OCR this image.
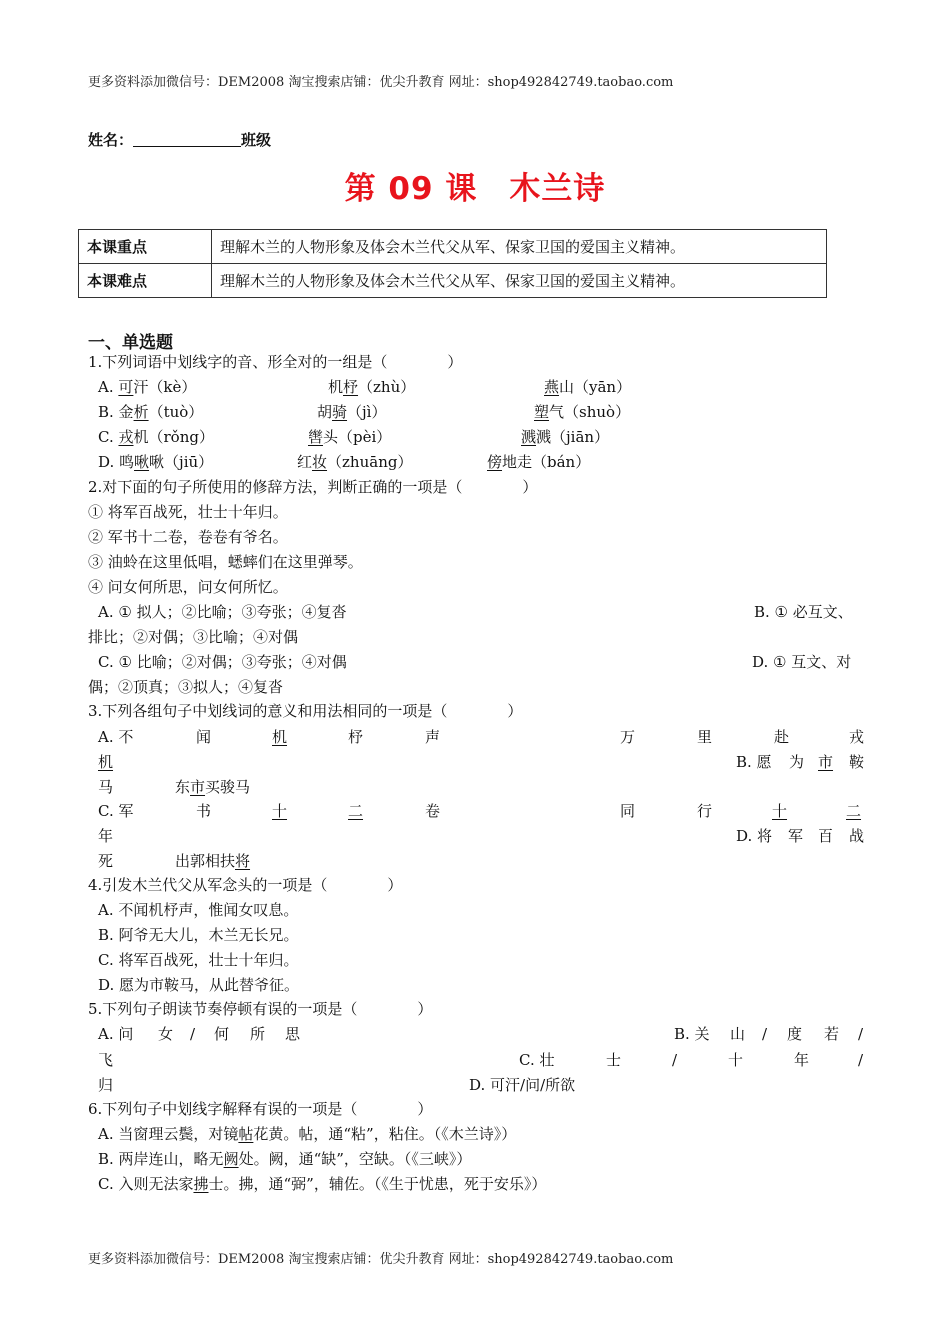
更多资料添加微信号：DEM2008 淘宝搜索店铺：优尖升教育 网址：shop492842749.taobao.com
姓名：	班级
第 09 课　木兰诗
本课重点	理解木兰的人物形象及体会木兰代父从军、保家卫国的爱国主义精神。
本课难点	理解木兰的人物形象及体会木兰代父从军、保家卫国的爱国主义精神。
一、单选题
1.下列词语中划线字的音、形全对的一组是（　　　　）
A. 可汗（kè）	机杼（zhù）	燕山（yān）
B. 金析（tuò）	胡骑（jì）	塑气（shuò）
C. 戎机（rǒng）	辔头（pèi）	溅溅（jiān）
D. 鸣啾啾（jiū）	红妆（zhuāng）	傍地走（bán）
2.对下面的句子所使用的修辞方法，判断正确的一项是（　　　　）
① 将军百战死，壮士十年归。
② 军书十二卷，卷卷有爷名。
③ 油蛉在这里低唱，蟋蟀们在这里弹琴。
④ 问女何所思，问女何所忆。
A. ① 拟人；②比喻；③夸张；④复沓	B. ① 必互文、
排比；②对偶；③比喻；④对偶
C. ① 比喻；②对偶；③夸张；④对偶	D. ① 互文、对
偶；②顶真；③拟人；④复沓
3.下列各组句子中划线词的意义和用法相同的一项是（　　　　）
A. 不	闻	机	杼	声	万	里	赴	戎
机	B. 愿 为 市	鞍
马	东市买骏马
C. 军	书	十	二	卷	同	行	十	二
年	D. 将 军 百 战
死	出郭相扶将
4.引发木兰代父从军念头的一项是（　　　　）
A. 不闻机杼声，惟闻女叹息。
B. 阿爷无大儿，木兰无长兄。
C. 将军百战死，壮士十年归。
D. 愿为市鞍马，从此替爷征。
5.下列句子朗读节奏停顿有误的一项是（　　　　）
A. 问 女 / 何 所 思	B. 关 山 / 度 若 /
飞	C. 壮	士	/	十	年	/
归	D. 可汗/问/所欲
6.下列句子中划线字解释有误的一项是（　　　　）
A. 当窗理云鬓，对镜帖花黄。帖，通“粘”，粘住。（《木兰诗》）
B. 两岸连山，略无阙处。阙，通“缺”，空缺。（《三峡》）
C. 入则无法家拂士。拂，通“弼”，辅佐。（《生于忧患，死于安乐》）
更多资料添加微信号：DEM2008 淘宝搜索店铺：优尖升教育 网址：shop492842749.taobao.com
